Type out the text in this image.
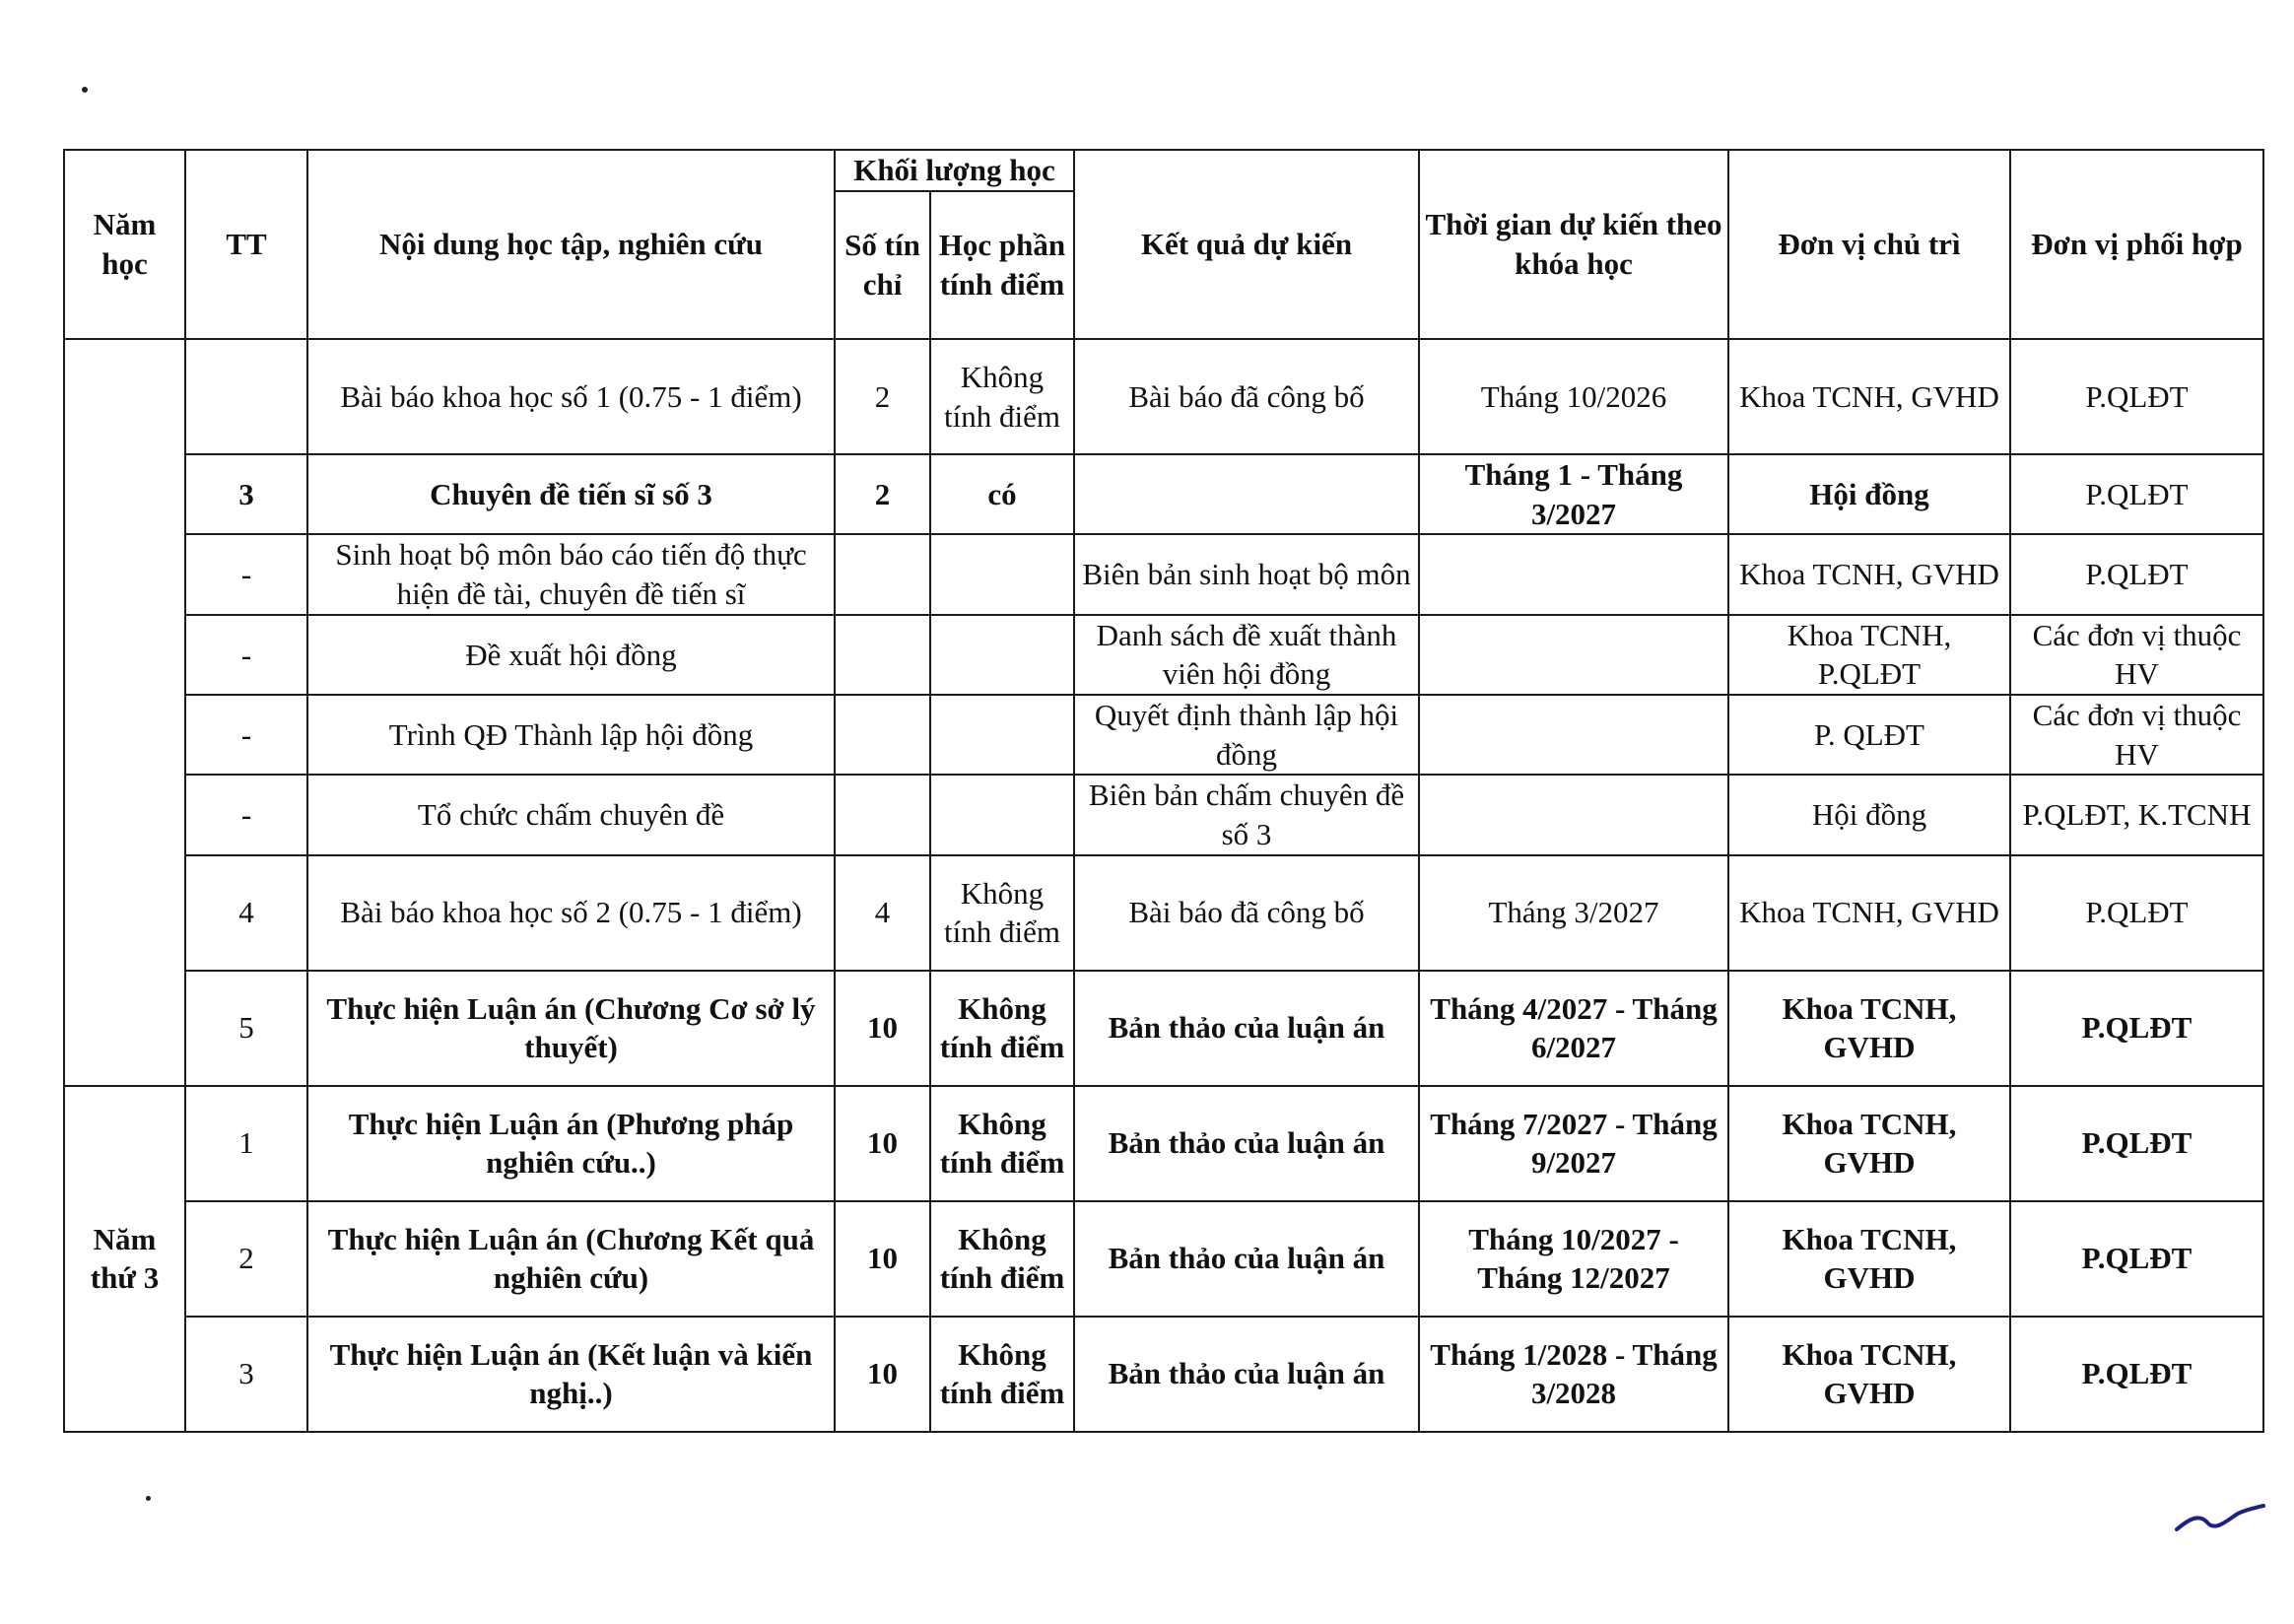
Năm học	TT	Nội dung học tập, nghiên cứu	Khối lượng học		Kết quả dự kiến	Thời gian dự kiến theo khóa học	Đơn vị chủ trì	Đơn vị phối hợp
			Số tín chỉ	Học phần tính điểm				
		Bài báo khoa học số 1 (0.75 - 1 điểm)	2	Không tính điểm	Bài báo đã công bố	Tháng 10/2026	Khoa TCNH, GVHD	P.QLĐT
	3	Chuyên đề tiến sĩ số 3	2	có		Tháng 1 - Tháng 3/2027	Hội đồng	P.QLĐT
	-	Sinh hoạt bộ môn báo cáo tiến độ thực hiện đề tài, chuyên đề tiến sĩ			Biên bản sinh hoạt bộ môn		Khoa TCNH, GVHD	P.QLĐT
	-	Đề xuất hội đồng			Danh sách đề xuất thành viên hội đồng		Khoa TCNH, P.QLĐT	Các đơn vị thuộc HV
	-	Trình QĐ Thành lập hội đồng			Quyết định thành lập hội đồng		P. QLĐT	Các đơn vị thuộc HV
	-	Tổ chức chấm chuyên đề			Biên bản chấm chuyên đề số 3		Hội đồng	P.QLĐT, K.TCNH
	4	Bài báo khoa học số 2 (0.75 - 1 điểm)	4	Không tính điểm	Bài báo đã công bố	Tháng 3/2027	Khoa TCNH, GVHD	P.QLĐT
	5	Thực hiện Luận án (Chương Cơ sở lý thuyết)	10	Không tính điểm	Bản thảo của luận án	Tháng 4/2027 - Tháng 6/2027	Khoa TCNH, GVHD	P.QLĐT
Năm thứ 3	1	Thực hiện Luận án (Phương pháp nghiên cứu..)	10	Không tính điểm	Bản thảo của luận án	Tháng 7/2027 - Tháng 9/2027	Khoa TCNH, GVHD	P.QLĐT
	2	Thực hiện Luận án (Chương Kết quả nghiên cứu)	10	Không tính điểm	Bản thảo của luận án	Tháng 10/2027 - Tháng 12/2027	Khoa TCNH, GVHD	P.QLĐT
	3	Thực hiện Luận án (Kết luận và kiến nghị..)	10	Không tính điểm	Bản thảo của luận án	Tháng 1/2028 - Tháng 3/2028	Khoa TCNH, GVHD	P.QLĐT
